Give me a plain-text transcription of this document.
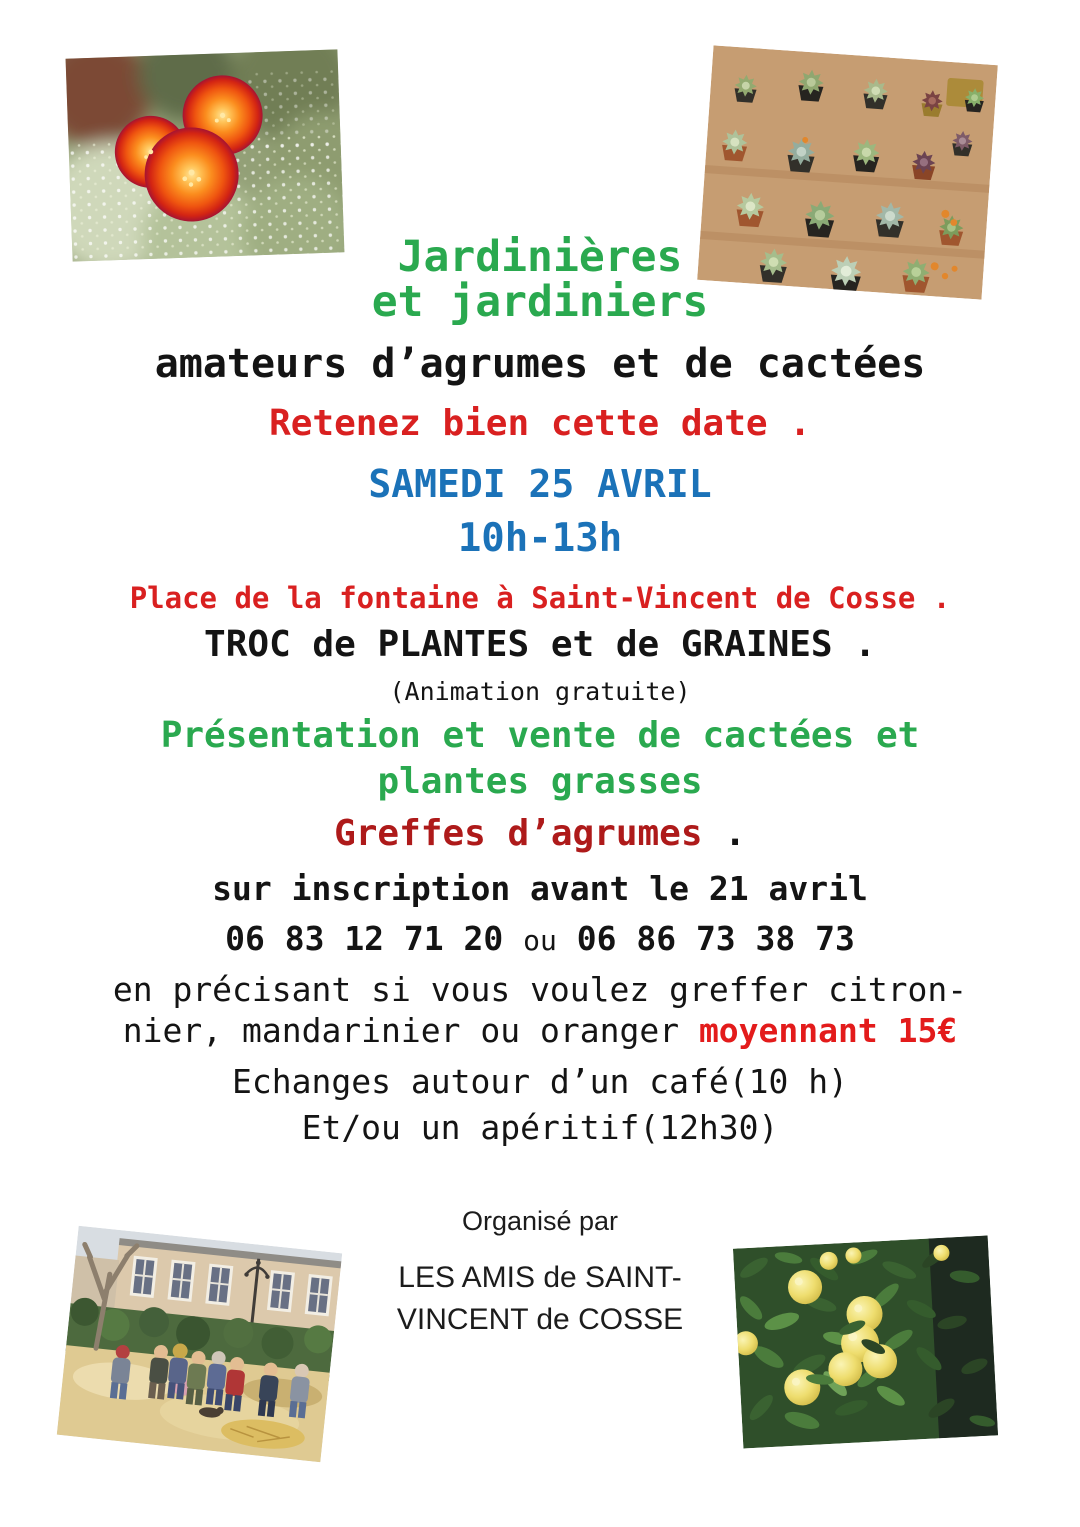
Jardinières
et jardiniers
amateurs d’agrumes et de cactées
Retenez bien cette date .
SAMEDI 25 AVRIL
10h-13h
Place de la fontaine à Saint-Vincent de Cosse .
TROC de PLANTES et de GRAINES .
(Animation gratuite)
Présentation et vente de cactées et
plantes grasses
Greffes d’agrumes .
sur inscription avant le 21 avril
06 83 12 71 20 ou 06 86 73 38 73
en précisant si vous voulez greffer citron-
nier, mandarinier ou oranger moyennant 15€
Echanges autour d’un café(10 h)
Et/ou un apéritif(12h30)
Organisé par
LES AMIS de SAINT-
VINCENT de COSSE
